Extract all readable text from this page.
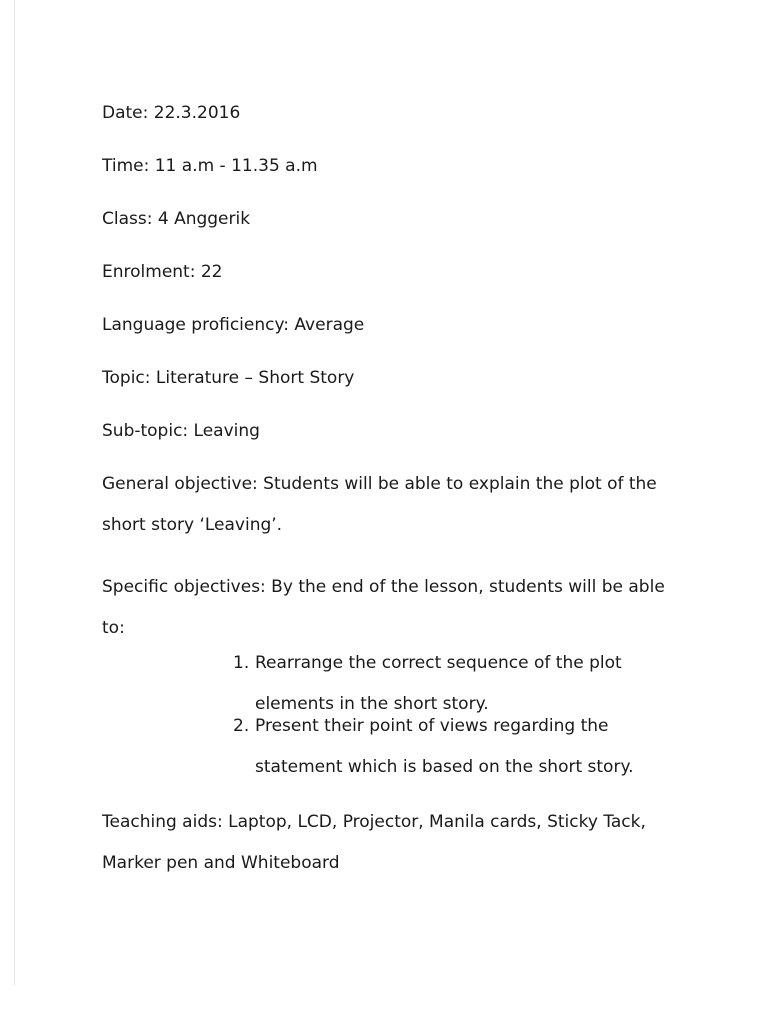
Date: 22.3.2016

Time: 11 a.m - 11.35 a.m

Class: 4 Anggerik

Enrolment: 22

Language proficiency: Average

Topic: Literature – Short Story

Sub-topic: Leaving

General objective: Students will be able to explain the plot of the

short story ‘Leaving’.

Specific objectives: By the end of the lesson, students will be able

to:

1. Rearrange the correct sequence of the plot
elements in the short story.
2. Present their point of views regarding the
statement which is based on the short story.

Teaching aids: Laptop, LCD, Projector, Manila cards, Sticky Tack,

Marker pen and Whiteboard
